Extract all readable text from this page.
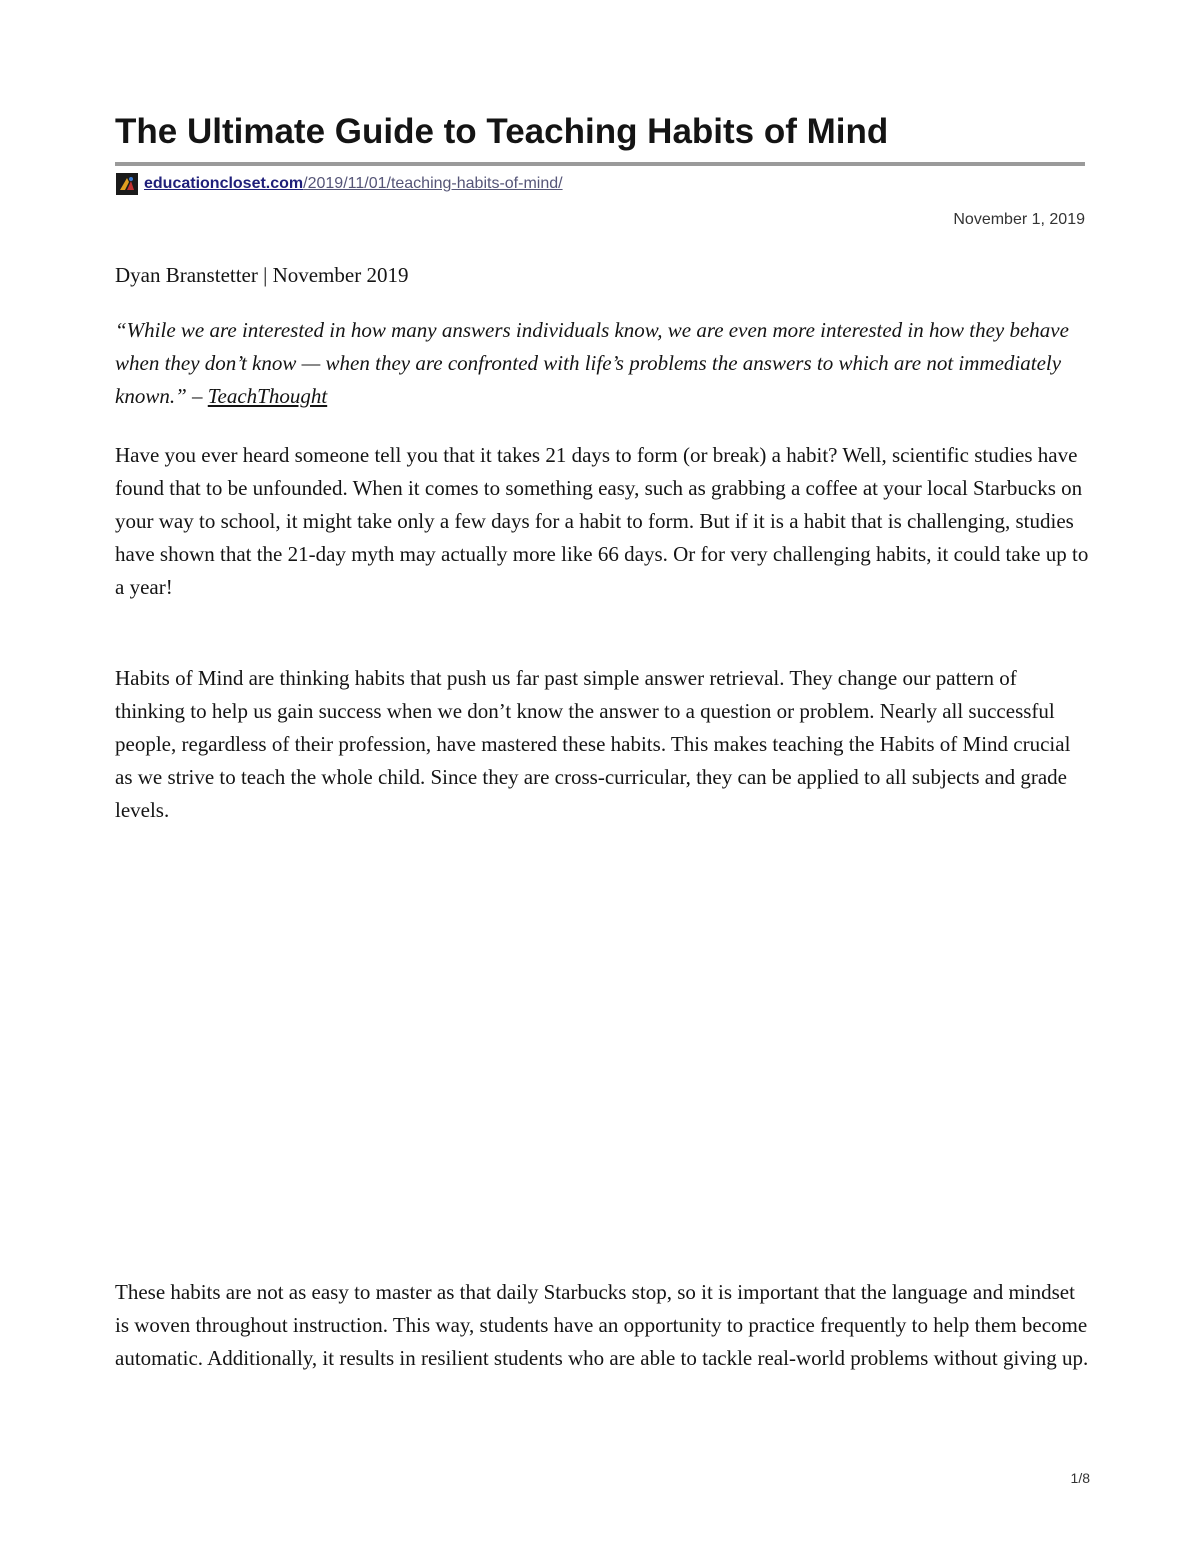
The Ultimate Guide to Teaching Habits of Mind
educationcloset.com /2019/11/01/teaching-habits-of-mind/
November 1, 2019

Dyan Branstetter | November 2019

“While we are interested in how many answers individuals know, we are even more interested in how they behave when they don’t know — when they are confronted with life’s problems the answers to which are not immediately known.” – TeachThought

Have you ever heard someone tell you that it takes 21 days to form (or break) a habit? Well, scientific studies have found that to be unfounded. When it comes to something easy, such as grabbing a coffee at your local Starbucks on your way to school, it might take only a few days for a habit to form. But if it is a habit that is challenging, studies have shown that the 21-day myth may actually more like 66 days. Or for very challenging habits, it could take up to a year!

Habits of Mind are thinking habits that push us far past simple answer retrieval. They change our pattern of thinking to help us gain success when we don’t know the answer to a question or problem. Nearly all successful people, regardless of their profession, have mastered these habits. This makes teaching the Habits of Mind crucial as we strive to teach the whole child. Since they are cross-curricular, they can be applied to all subjects and grade levels.

These habits are not as easy to master as that daily Starbucks stop, so it is important that the language and mindset is woven throughout instruction. This way, students have an opportunity to practice frequently to help them become automatic. Additionally, it results in resilient students who are able to tackle real-world problems without giving up.

1/8
